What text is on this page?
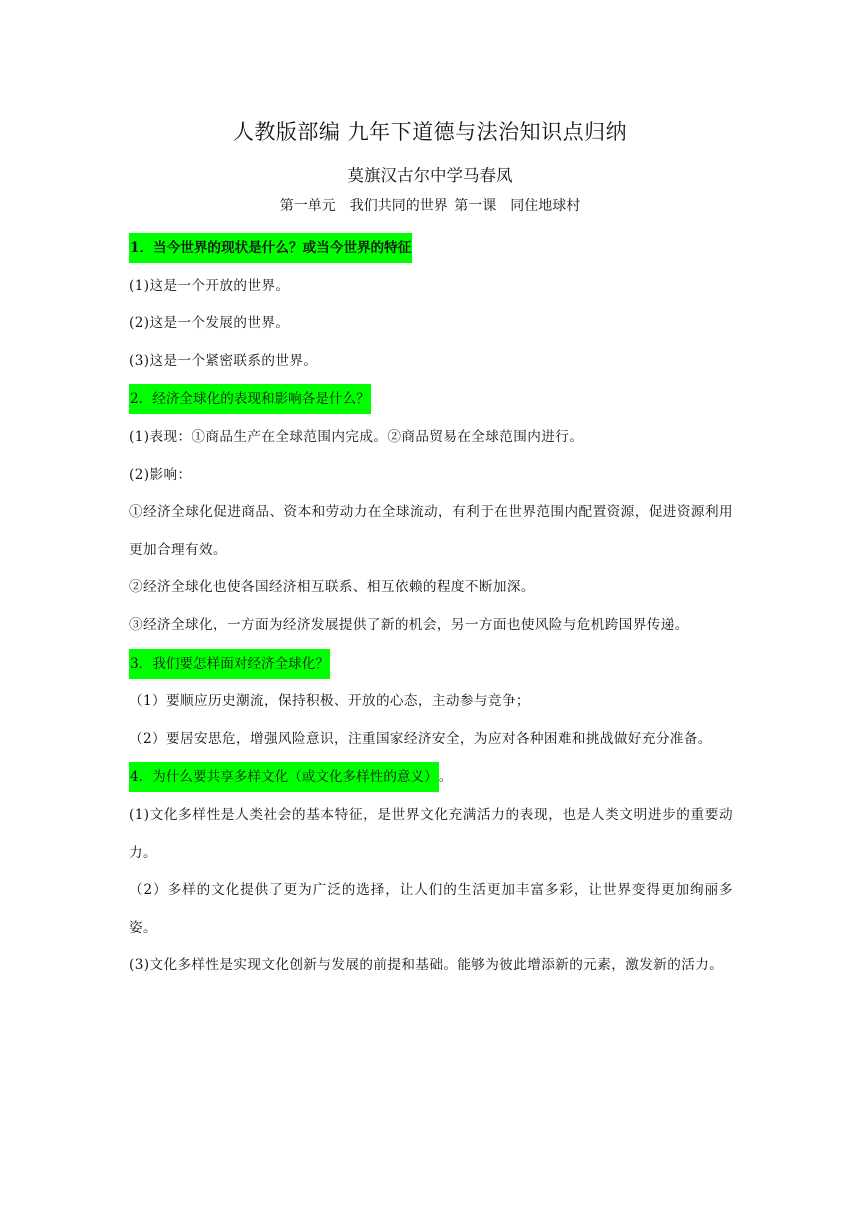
人教版部编 九年下道德与法治知识点归纳
莫旗汉古尔中学马春凤
第一单元　我们共同的世界 第一课　同住地球村
1．当今世界的现状是什么？或当今世界的特征

(1)这是一个开放的世界。

(2)这是一个发展的世界。

(3)这是一个紧密联系的世界。

2．经济全球化的表现和影响各是什么？

(1)表现：①商品生产在全球范围内完成。②商品贸易在全球范围内进行。

(2)影响：

①经济全球化促进商品、资本和劳动力在全球流动，有利于在世界范围内配置资源，促进资源利用更加合理有效。

②经济全球化也使各国经济相互联系、相互依赖的程度不断加深。

③经济全球化，一方面为经济发展提供了新的机会，另一方面也使风险与危机跨国界传递。

3．我们要怎样面对经济全球化？

（1）要顺应历史潮流，保持积极、开放的心态，主动参与竞争；

（2）要居安思危，增强风险意识，注重国家经济安全，为应对各种困难和挑战做好充分准备。

4．为什么要共享多样文化（或文化多样性的意义）。

(1)文化多样性是人类社会的基本特征，是世界文化充满活力的表现，也是人类文明进步的重要动力。

（2）多样的文化提供了更为广泛的选择，让人们的生活更加丰富多彩，让世界变得更加绚丽多姿。

(3)文化多样性是实现文化创新与发展的前提和基础。能够为彼此增添新的元素，激发新的活力。
